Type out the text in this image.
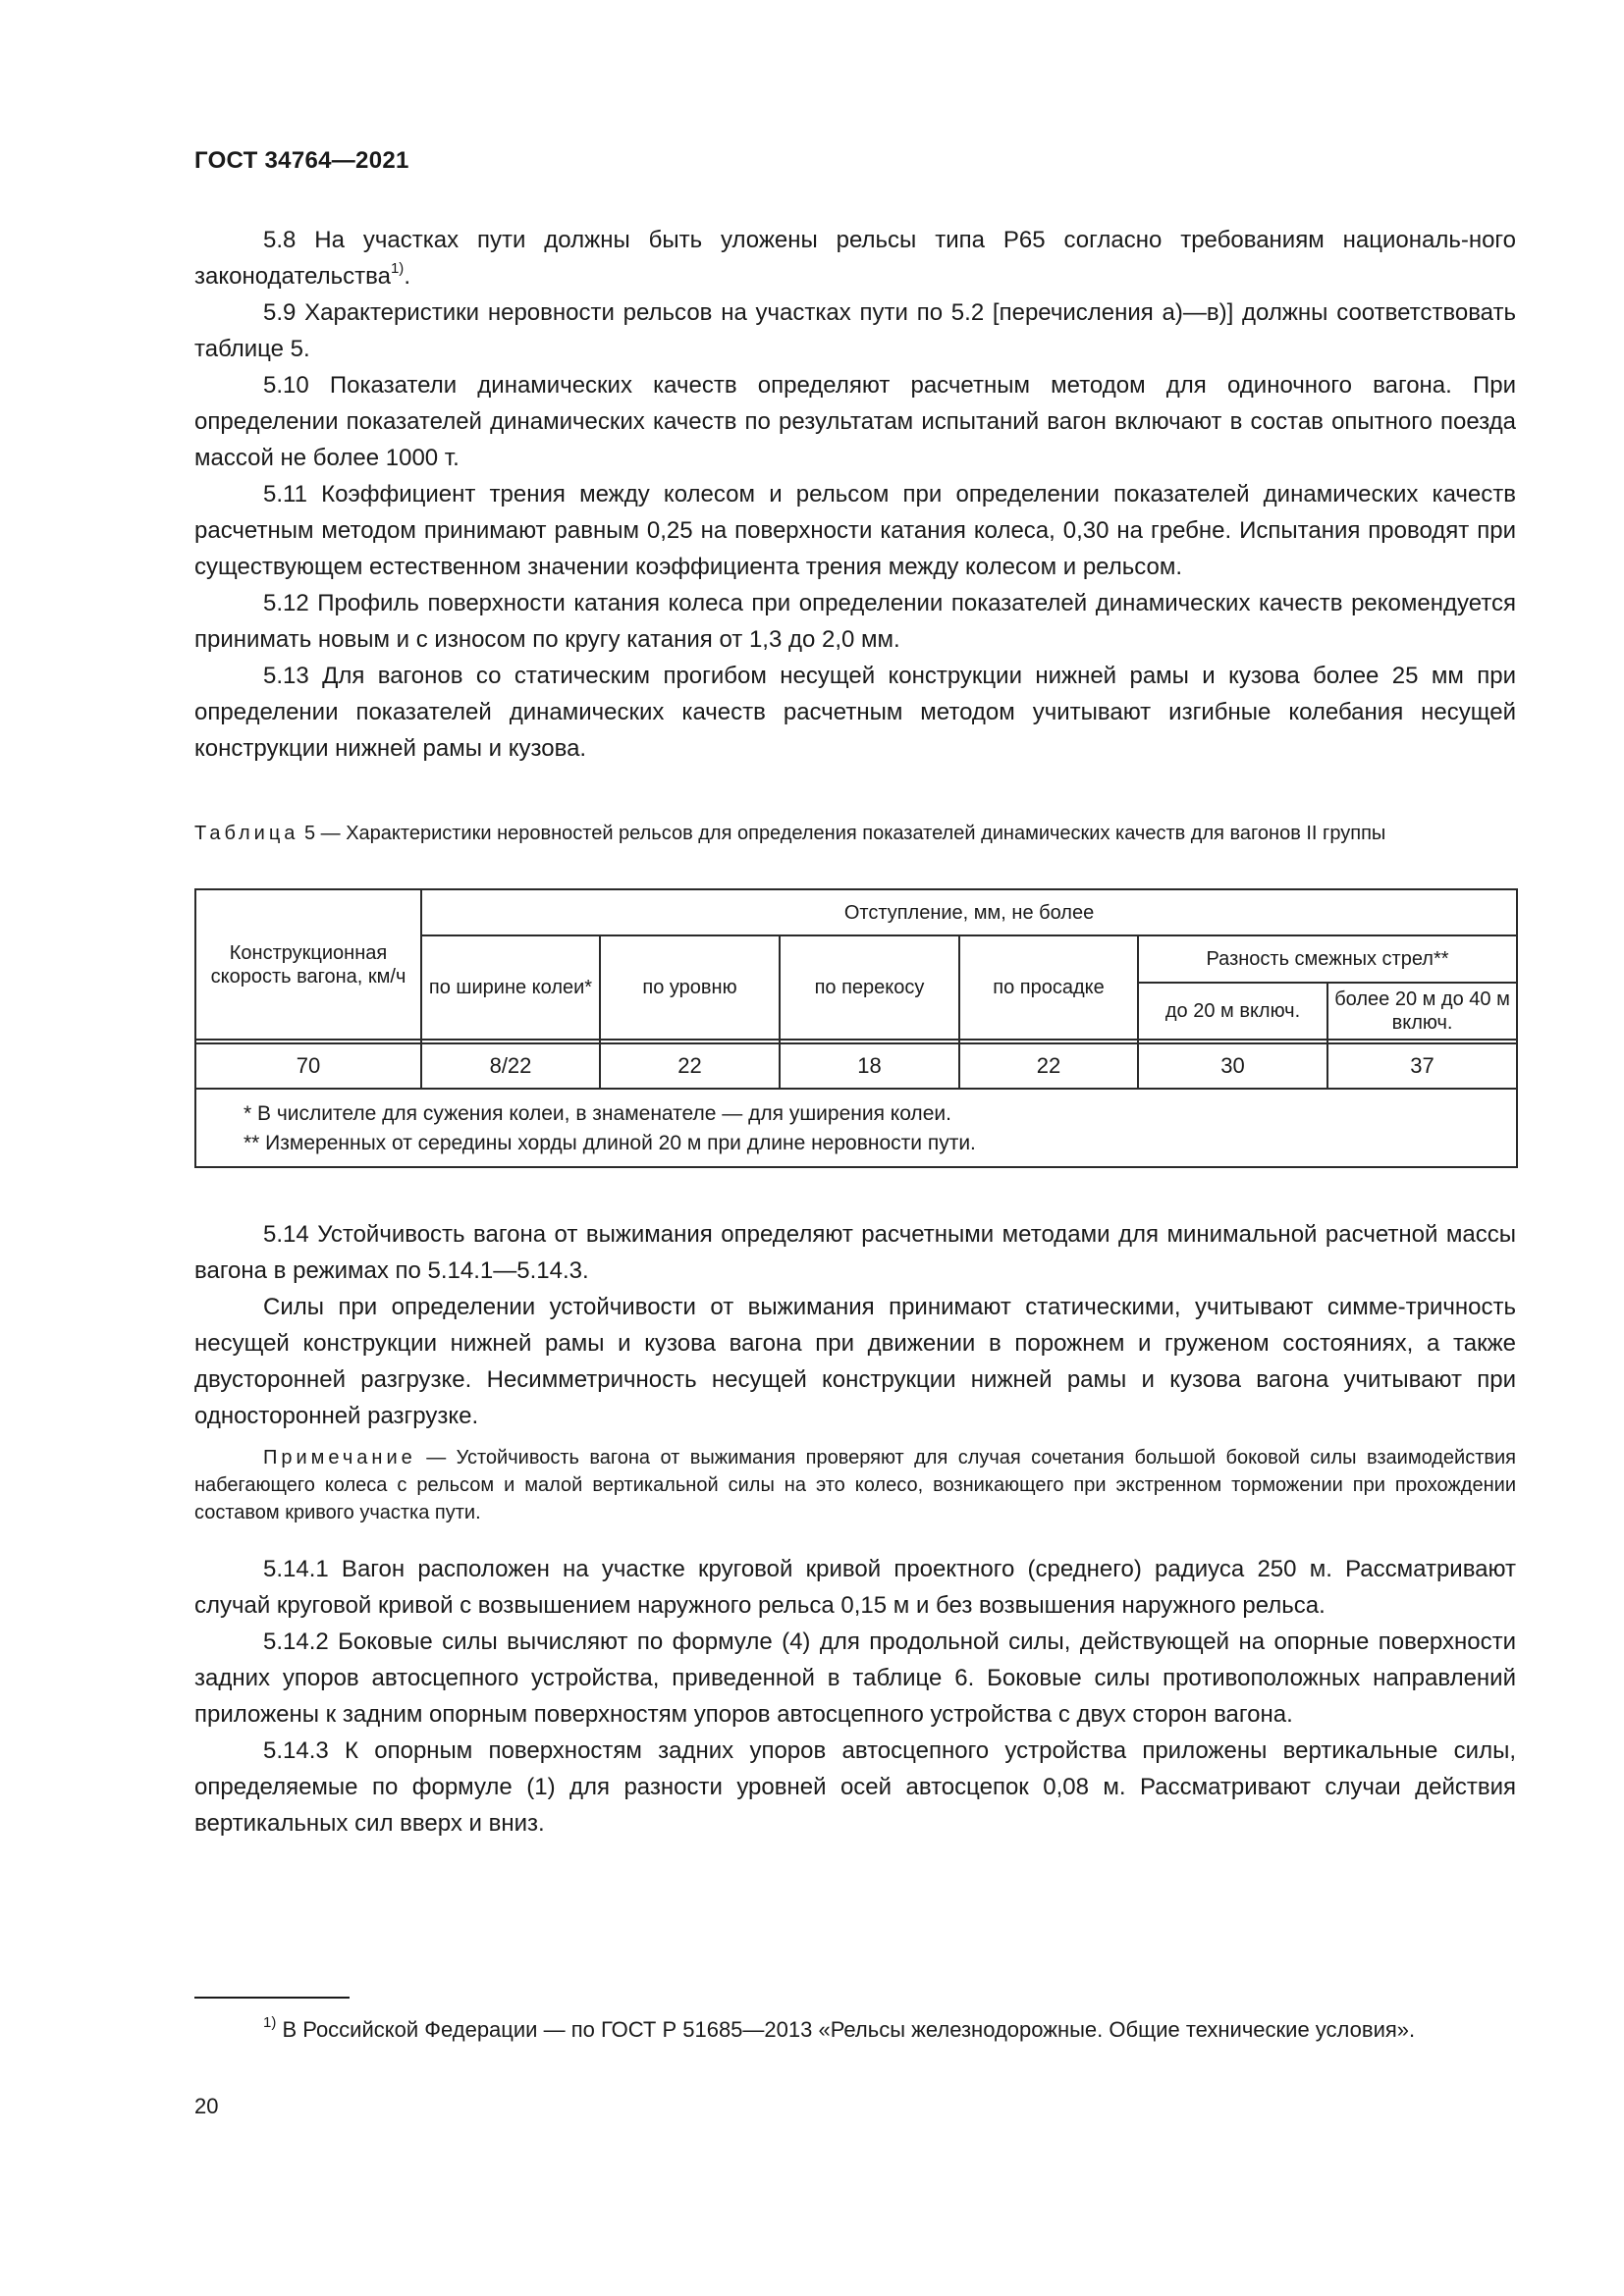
ГОСТ 34764—2021

5.8 На участках пути должны быть уложены рельсы типа Р65 согласно требованиям националь-ного законодательства$^{1)}$.

5.9 Характеристики неровности рельсов на участках пути по 5.2 [перечисления а)—в)] должны соответствовать таблице 5.

5.10 Показатели динамических качеств определяют расчетным методом для одиночного вагона. При определении показателей динамических качеств по результатам испытаний вагон включают в состав опытного поезда массой не более 1000 т.

5.11 Коэффициент трения между колесом и рельсом при определении показателей динамических качеств расчетным методом принимают равным 0,25 на поверхности катания колеса, 0,30 на гребне. Испытания проводят при существующем естественном значении коэффициента трения между колесом и рельсом.

5.12 Профиль поверхности катания колеса при определении показателей динамических качеств рекомендуется принимать новым и с износом по кругу катания от 1,3 до 2,0 мм.

5.13 Для вагонов со статическим прогибом несущей конструкции нижней рамы и кузова более 25 мм при определении показателей динамических качеств расчетным методом учитывают изгибные колебания несущей конструкции нижней рамы и кузова.

Таблица 5 — Характеристики неровностей рельсов для определения показателей динамических качеств для вагонов II группы
Конструкционная скорость вагона, км/ч	Отступление, мм, не более					
	по ширине колеи*	по уровню	по перекосу	по просадке	Разность смежных стрел**	
					до 20 м включ.	более 20 м до 40 м включ.

70	8/22	22	18	22	30	37

* В числителе для сужения колеи, в знаменателе — для уширения колеи.
** Измеренных от середины хорды длиной 20 м при длине неровности пути.						

5.14 Устойчивость вагона от выжимания определяют расчетными методами для минимальной расчетной массы вагона в режимах по 5.14.1—5.14.3.

Силы при определении устойчивости от выжимания принимают статическими, учитывают симме-тричность несущей конструкции нижней рамы и кузова вагона при движении в порожнем и груженом состояниях, а также двусторонней разгрузке. Несимметричность несущей конструкции нижней рамы и кузова вагона учитывают при односторонней разгрузке.

Примечание — Устойчивость вагона от выжимания проверяют для случая сочетания большой боковой силы взаимодействия набегающего колеса с рельсом и малой вертикальной силы на это колесо, возникающего при экстренном торможении при прохождении составом кривого участка пути.

5.14.1 Вагон расположен на участке круговой кривой проектного (среднего) радиуса 250 м. Рассматривают случай круговой кривой с возвышением наружного рельса 0,15 м и без возвышения наружного рельса.

5.14.2 Боковые силы вычисляют по формуле (4) для продольной силы, действующей на опорные поверхности задних упоров автосцепного устройства, приведенной в таблице 6. Боковые силы противоположных направлений приложены к задним опорным поверхностям упоров автосцепного устройства с двух сторон вагона.

5.14.3 К опорным поверхностям задних упоров автосцепного устройства приложены вертикальные силы, определяемые по формуле (1) для разности уровней осей автосцепок 0,08 м. Рассматривают случаи действия вертикальных сил вверх и вниз.

$^{1)}$ В Российской Федерации — по ГОСТ Р 51685—2013 «Рельсы железнодорожные. Общие технические условия».
20
